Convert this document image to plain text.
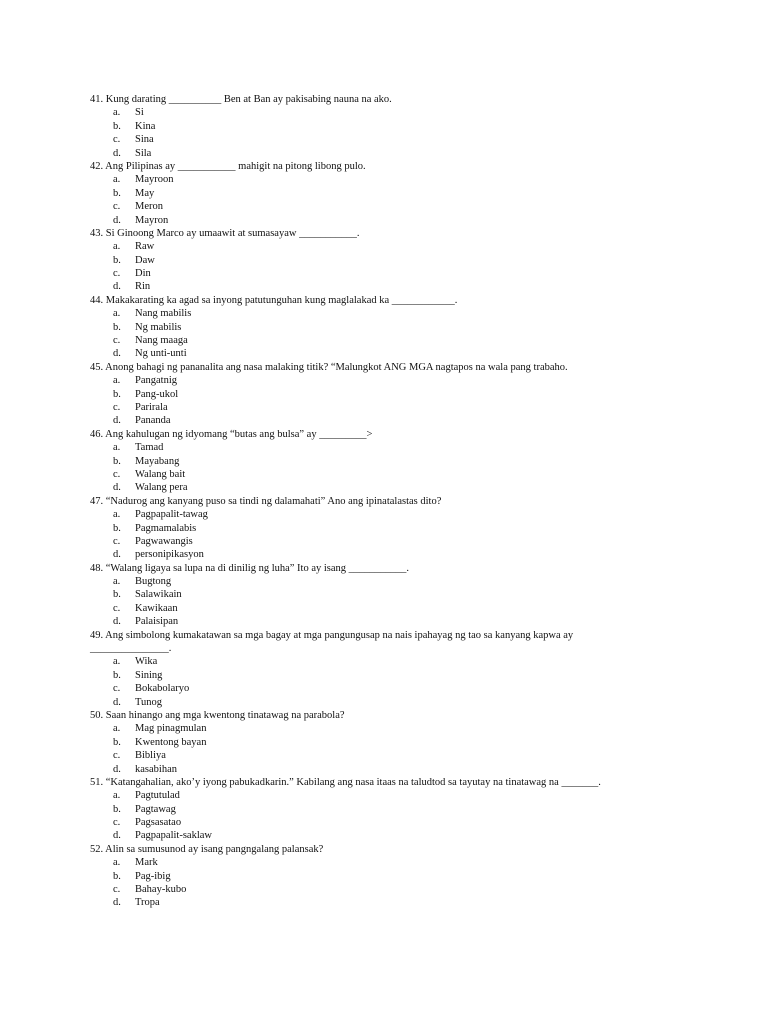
41. Kung darating __________ Ben at Ban ay pakisabing nauna na ako.
a. Si
b. Kina
c. Sina
d. Sila
42. Ang Pilipinas ay ___________ mahigit na pitong libong pulo.
a. Mayroon
b. May
c. Meron
d. Mayron
43. Si Ginoong Marco ay umaawit at sumasayaw ___________.
a. Raw
b. Daw
c. Din
d. Rin
44. Makakarating ka agad sa inyong patutunguhan kung maglalakad ka ____________.
a. Nang mabilis
b. Ng mabilis
c. Nang maaga
d. Ng unti-unti
45. Anong bahagi ng pananalita ang nasa malaking titik? “Malungkot ANG MGA nagtapos na wala pang trabaho.
a. Pangatnig
b. Pang-ukol
c. Parirala
d. Pananda
46. Ang kahulugan ng idyomang “butas ang bulsa” ay _________>
a. Tamad
b. Mayabang
c. Walang bait
d. Walang pera
47. “Nadurog ang kanyang puso sa tindi ng dalamahati” Ano ang ipinatalastas dito?
a. Pagpapalit-tawag
b. Pagmamalabis
c. Pagwawangis
d. personipikasyon
48. “Walang ligaya sa lupa na di dinilig ng luha” Ito ay isang ___________.
a. Bugtong
b. Salawikain
c. Kawikaan
d. Palaisipan
49. Ang simbolong kumakatawan sa mga bagay at mga pangungusap na nais ipahayag ng tao sa kanyang kapwa ay
_______________.
a. Wika
b. Sining
c. Bokabolaryo
d. Tunog
50. Saan hinango ang mga kwentong tinatawag na parabola?
a. Mag pinagmulan
b. Kwentong bayan
c. Bibliya
d. kasabihan
51. “Katangahalian, ako’y iyong pabukadkarin.” Kabilang ang nasa itaas na taludtod sa tayutay na tinatawag na _______.
a. Pagtutulad
b. Pagtawag
c. Pagsasatao
d. Pagpapalit-saklaw
52. Alin sa sumusunod ay isang pangngalang palansak?
a. Mark
b. Pag-ibig
c. Bahay-kubo
d. Tropa
